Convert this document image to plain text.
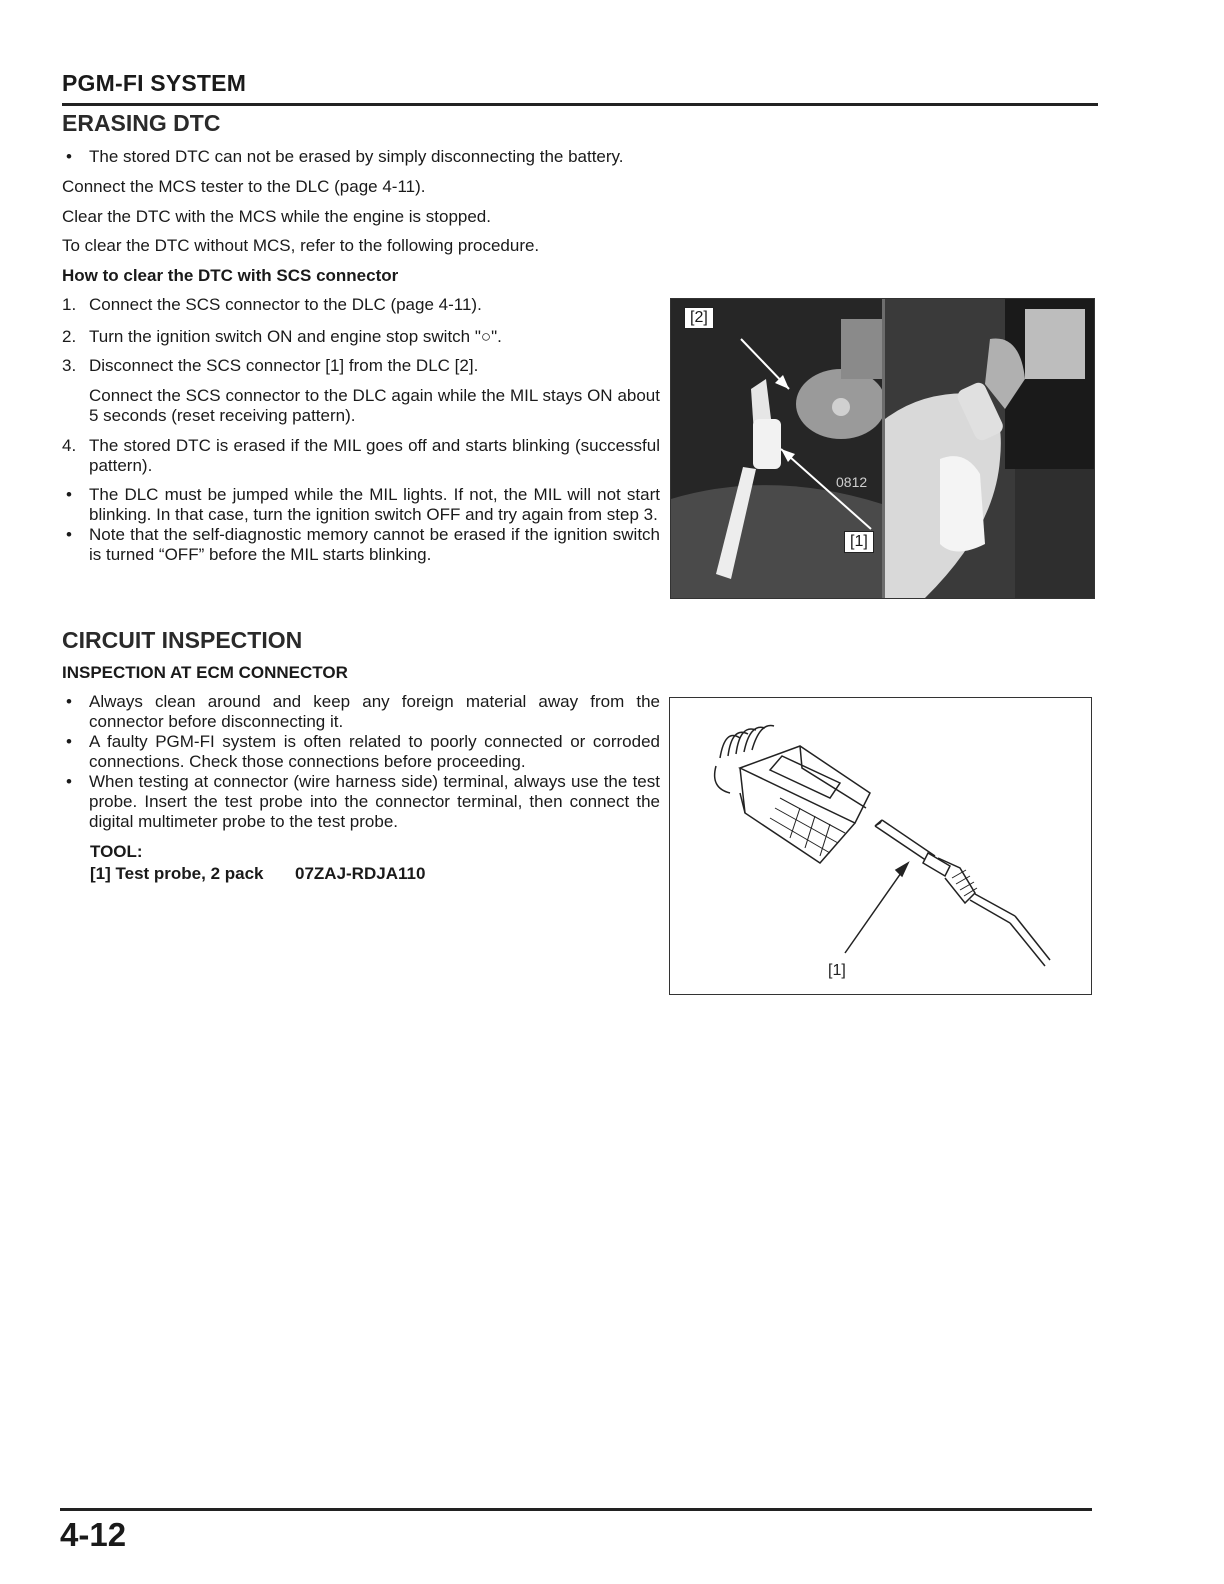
PGM-FI SYSTEM
ERASING DTC
•	The stored DTC can not be erased by simply disconnecting the battery.
Connect the MCS tester to the DLC (page 4-11).
Clear the DTC with the MCS while the engine is stopped.
To clear the DTC without MCS, refer to the following procedure.
How to clear the DTC with SCS connector
1. Connect the SCS connector to the DLC (page 4-11).
2. Turn the ignition switch ON and engine stop switch "○".
3. Disconnect the SCS connector [1] from the DLC [2].
Connect the SCS connector to the DLC again while the MIL stays ON about 5 seconds (reset receiving pattern).
4. The stored DTC is erased if the MIL goes off and starts blinking (successful pattern).
•	The DLC must be jumped while the MIL lights. If not, the MIL will not start blinking. In that case, turn the ignition switch OFF and try again from step 3.
•	Note that the self-diagnostic memory cannot be erased if the ignition switch is turned “OFF” before the MIL starts blinking.
0812
[2]
[1]
CIRCUIT INSPECTION
INSPECTION AT ECM CONNECTOR
•	Always clean around and keep any foreign material away from the connector before disconnecting it.
•	A faulty PGM-FI system is often related to poorly connected or corroded connections. Check those connections before proceeding.
•	When testing at connector (wire harness side) terminal, always use the test probe. Insert the test probe into the connector terminal, then connect the digital multimeter probe to the test probe.
TOOL:
[1] Test probe, 2 pack 07ZAJ-RDJA110
[1]
4-12
